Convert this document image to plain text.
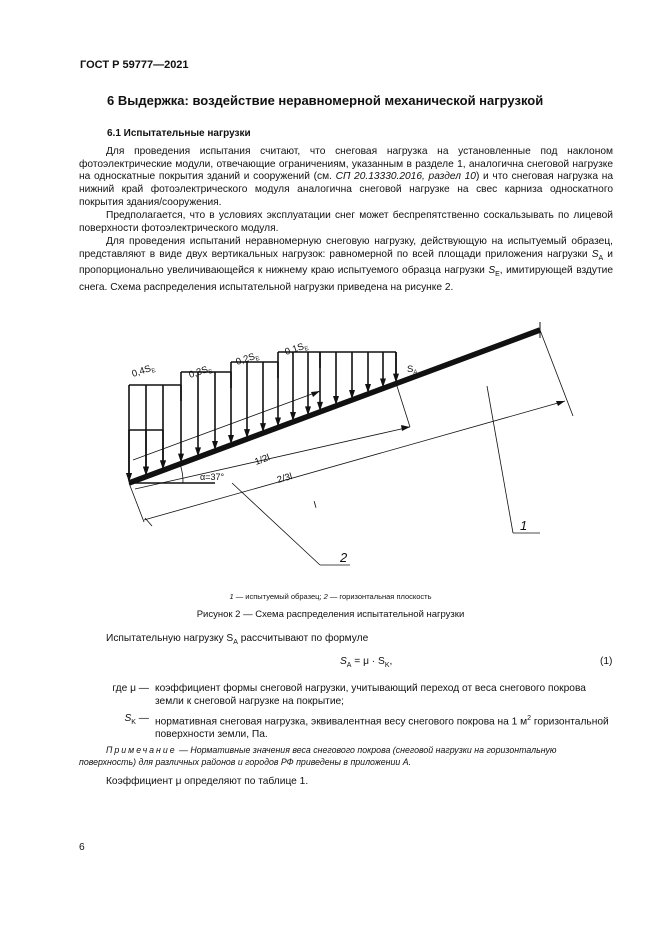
ГОСТ Р 59777—2021
6 Выдержка: воздействие неравномерной механической нагрузкой
6.1 Испытательные нагрузки
Для проведения испытания считают, что снеговая нагрузка на установленные под наклоном фотоэлектрические модули, отвечающие ограничениям, указанным в разделе 1, аналогична снеговой нагрузке на односкатные покрытия зданий и сооружений (см. СП 20.13330.2016, раздел 10) и что снеговая нагрузка на нижний край фотоэлектрического модуля аналогична снеговой нагрузке на свес карниза односкатного покрытия здания/сооружения.
Предполагается, что в условиях эксплуатации снег может беспрепятственно соскальзывать по лицевой поверхности фотоэлектрического модуля.
Для проведения испытаний неравномерную снеговую нагрузку, действующую на испытуемый образец, представляют в виде двух вертикальных нагрузок: равномерной по всей площади приложения нагрузки $S_A$ и пропорционально увеличивающейся к нижнему краю испытуемого образца нагрузки $S_E$, имитирующей вздутие снега. Схема распределения испытательной нагрузки приведена на рисунке 2.
$0,4S_E$	$0,3S_E$
$0,2S_E$
$0,1S_E$
$S_A$
1/2l
2/3l
l
α=37°
1
2
1 — испытуемый образец; 2 — горизонтальная плоскость
Рисунок 2 — Схема распределения испытательной нагрузки
Испытательную нагрузку $S_A$ рассчитывают по формуле
$S_A = \mu \cdot S_K$,	(1)
где μ — коэффициент формы снеговой нагрузки, учитывающий переход от веса снегового покрова земли к снеговой нагрузке на покрытие;
$S_K$ — нормативная снеговая нагрузка, эквивалентная весу снегового покрова на 1 $м^2$ горизонтальной поверхности земли, Па.
Примечание — Нормативные значения веса снегового покрова (снеговой нагрузки на горизонтальную поверхность) для различных районов и городов РФ приведены в приложении А.
Коэффициент μ определяют по таблице 1.
6
